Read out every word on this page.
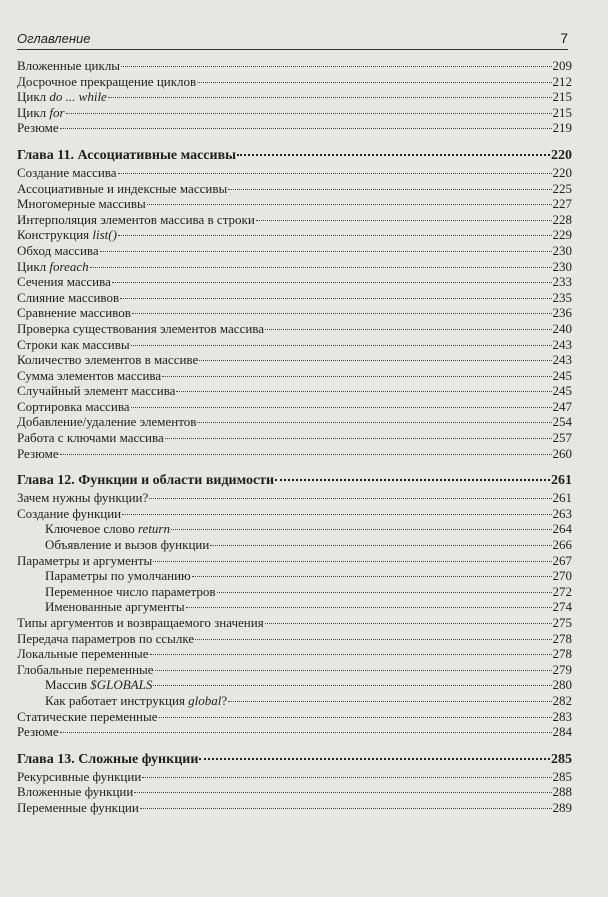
Оглавление	7
Вложенные циклы	209
Досрочное прекращение циклов	212
Цикл do ... while	215
Цикл for	215
Резюме	219
Глава 11. Ассоциативные массивы	220
Создание массива	220
Ассоциативные и индексные массивы	225
Многомерные массивы	227
Интерполяция элементов массива в строки	228
Конструкция list()	229
Обход массива	230
Цикл foreach	230
Сечения массива	233
Слияние массивов	235
Сравнение массивов	236
Проверка существования элементов массива	240
Строки как массивы	243
Количество элементов в массиве	243
Сумма элементов массива	245
Случайный элемент массива	245
Сортировка массива	247
Добавление/удаление элементов	254
Работа с ключами массива	257
Резюме	260
Глава 12. Функции и области видимости	261
Зачем нужны функции?	261
Создание функции	263
Ключевое слово return	264
Объявление и вызов функции	266
Параметры и аргументы	267
Параметры по умолчанию	270
Переменное число параметров	272
Именованные аргументы	274
Типы аргументов и возвращаемого значения	275
Передача параметров по ссылке	278
Локальные переменные	278
Глобальные переменные	279
Массив $GLOBALS	280
Как работает инструкция global?	282
Статические переменные	283
Резюме	284
Глава 13. Сложные функции	285
Рекурсивные функции	285
Вложенные функции	288
Переменные функции	289
